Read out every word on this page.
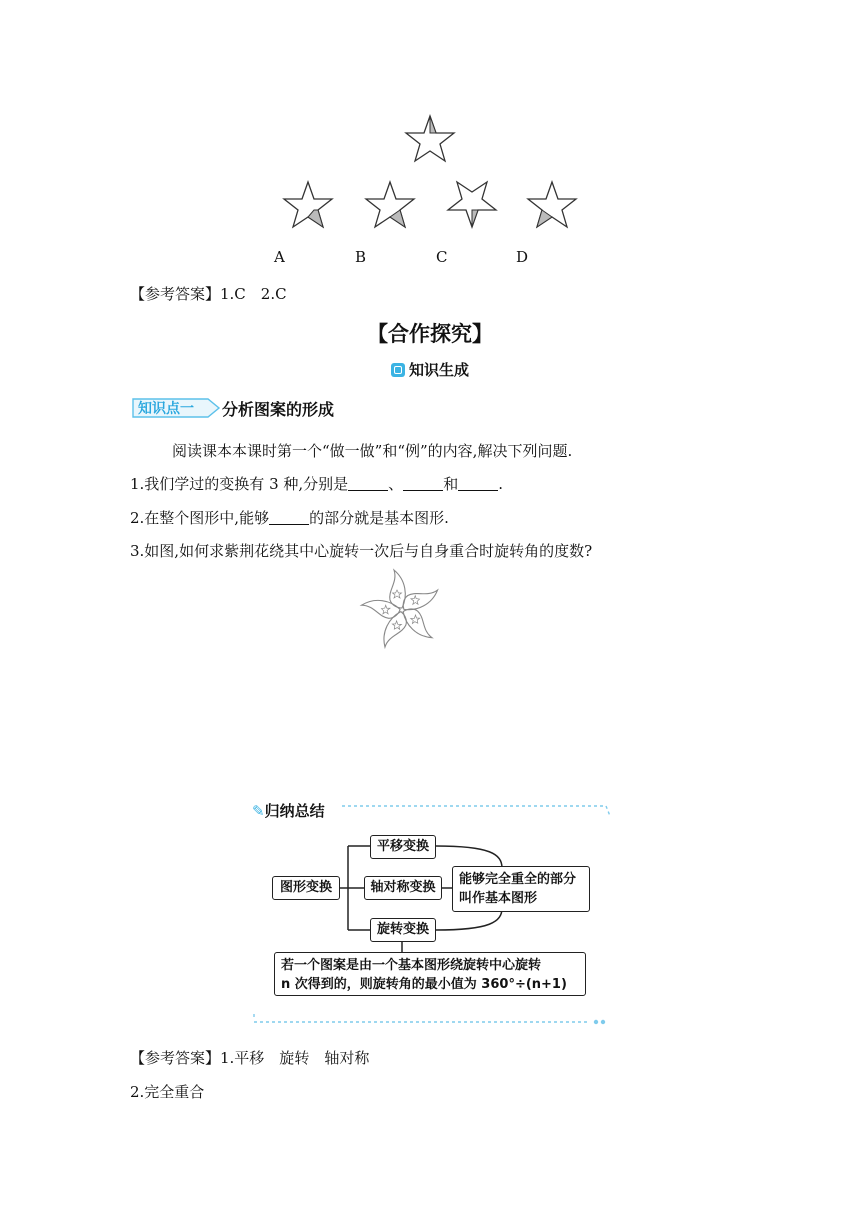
A	B	C	D
【参考答案】1.C　2.C
【合作探究】
知识生成
知识点一 分析图案的形成
阅读课本本课时第一个“做一做”和“例”的内容,解决下列问题.
1.我们学过的变换有 3 种,分别是	、	和	.
2.在整个图形中,能够	的部分就是基本图形.
3.如图,如何求紫荆花绕其中心旋转一次后与自身重合时旋转角的度数?
✎归纳总结
图形变换
平移变换
轴对称变换
旋转变换
能够完全重全的部分
叫作基本图形
若一个图案是由一个基本图形绕旋转中心旋转
n 次得到的，则旋转角的最小值为 360°÷(n+1)
【参考答案】1.平移　旋转　轴对称
2.完全重合
